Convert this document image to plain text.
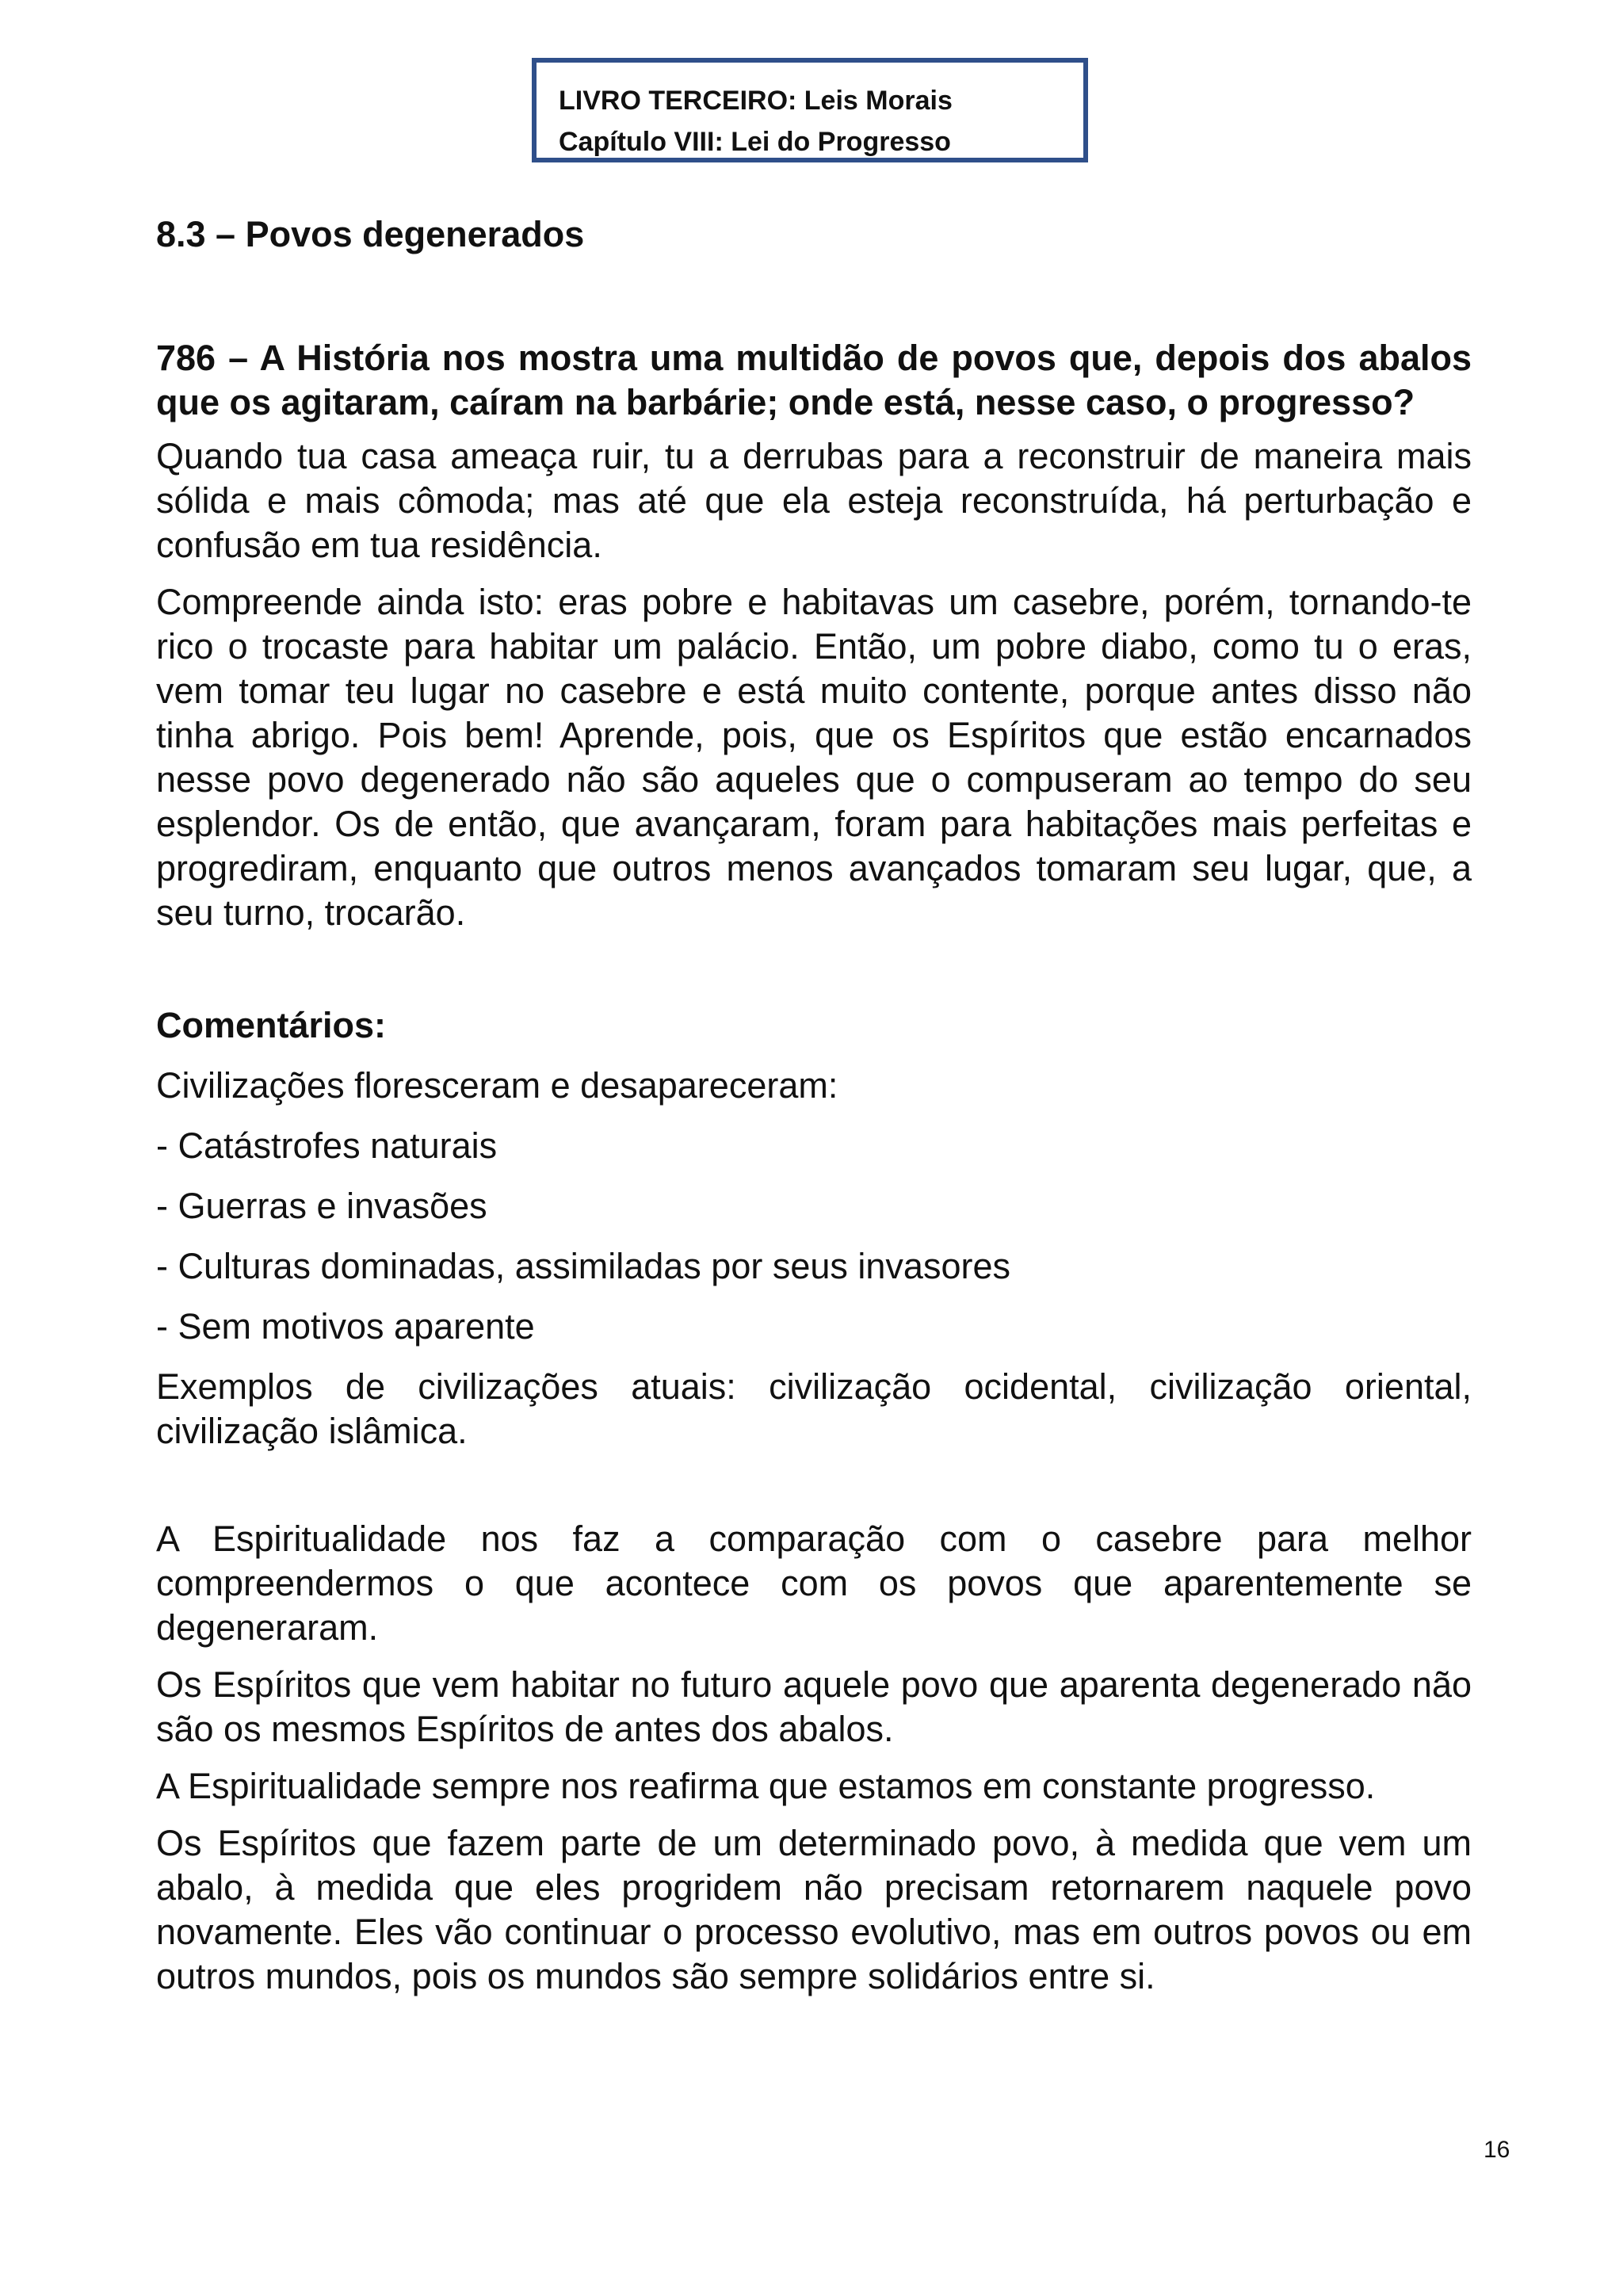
LIVRO TERCEIRO: Leis Morais
Capítulo VIII: Lei do Progresso
8.3 – Povos degenerados
786 – A História nos mostra uma multidão de povos que, depois dos abalos que os agitaram, caíram na barbárie; onde está, nesse caso, o progresso?

Quando tua casa ameaça ruir, tu a derrubas para a reconstruir de maneira mais sólida e mais cômoda; mas até que ela esteja reconstruída, há perturbação e confusão em tua residência.

Compreende ainda isto: eras pobre e habitavas um casebre, porém, tornando-te rico o trocaste para habitar um palácio. Então, um pobre diabo, como tu o eras, vem tomar teu lugar no casebre e está muito contente, porque antes disso não tinha abrigo. Pois bem! Aprende, pois, que os Espíritos que estão encarnados nesse povo degenerado não são aqueles que o compuseram ao tempo do seu esplendor. Os de então, que avançaram, foram para habitações mais perfeitas e progrediram, enquanto que outros menos avançados tomaram seu lugar, que, a seu turno, trocarão.

Comentários:
Civilizações floresceram e desapareceram:
- Catástrofes naturais
- Guerras e invasões
- Culturas dominadas, assimiladas por seus invasores
- Sem motivos aparente

Exemplos de civilizações atuais: civilização ocidental, civilização oriental, civilização islâmica.

A Espiritualidade nos faz a comparação com o casebre para melhor compreendermos o que acontece com os povos que aparentemente se degeneraram.

Os Espíritos que vem habitar no futuro aquele povo que aparenta degenerado não são os mesmos Espíritos de antes dos abalos.

A Espiritualidade sempre nos reafirma que estamos em constante progresso.

Os Espíritos que fazem parte de um determinado povo, à medida que vem um abalo, à medida que eles progridem não precisam retornarem naquele povo novamente. Eles vão continuar o processo evolutivo, mas em outros povos ou em outros mundos, pois os mundos são sempre solidários entre si.

16
